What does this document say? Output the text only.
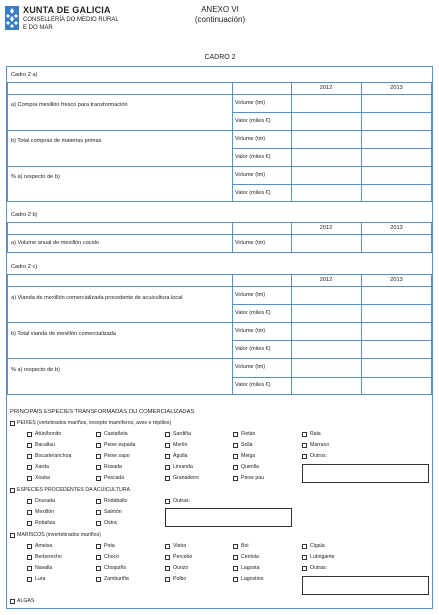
XUNTA DE GALICIA
CONSELLERÍA DO MEDIO RURAL
E DO MAR
ANEXO VI
(continuación)
CADRO 2
Cadro 2 a)
2012	2013
a) Compra mexillón fresco para transformación	Volume (tm)
Valor (miles €)
b) Total compras de materias primas	Volume (tm)
Valor (miles €)
% a) respecto de b)	Volume (tm)
Valor (miles €)
Cadro 2 b)
2012	2013
a) Volume anual de mexillón cocido	Volume (tm)
Cadro 2 c)
2012	2013
a) Vianda de mexillón comercializada procedente de acuicultura local	Volume (tm)
Valor (miles €)
b) Total vianda de mexillón comercializada	Volume (tm)
Valor (miles €)
% a) respecto de b)	Volume (tm)
Valor (miles €)
PRINCIPAIS ESPECIES TRANSFORMADAS OU COMERCIALIZADAS
PEIXES (vertebrados mariños, excepto mamíferos, aves e réptiles)
Atún/bonito
Bacallau
Bocarte/anchoa
Xarda
Xouba
Castañeta
Peixe espada
Peixe sapo
Rosada
Pescada
Sardiña
Merlín
Agulla
Limanda
Granadeiro
Fletán
Solla
Meiga
Quenlla
Peixe pau
Raia
Marraxo
Outros:
ESPECIES PROCEDENTES DA ACUICULTURA
Dourada
Mexillón
Robaliza
Rodaballo
Salmón
Ostra
Outras:
MARISCOS (invertebrados mariños)
Ameixa
Berberecho
Navalla
Lura
Pota
Choco
Choquiño
Zamburiña
Vieira
Percebe
Ourizo
Polbo
Boi
Centola
Lagosta
Lagostino
Cigala
Lubrigante
Outras:
ALGAS
